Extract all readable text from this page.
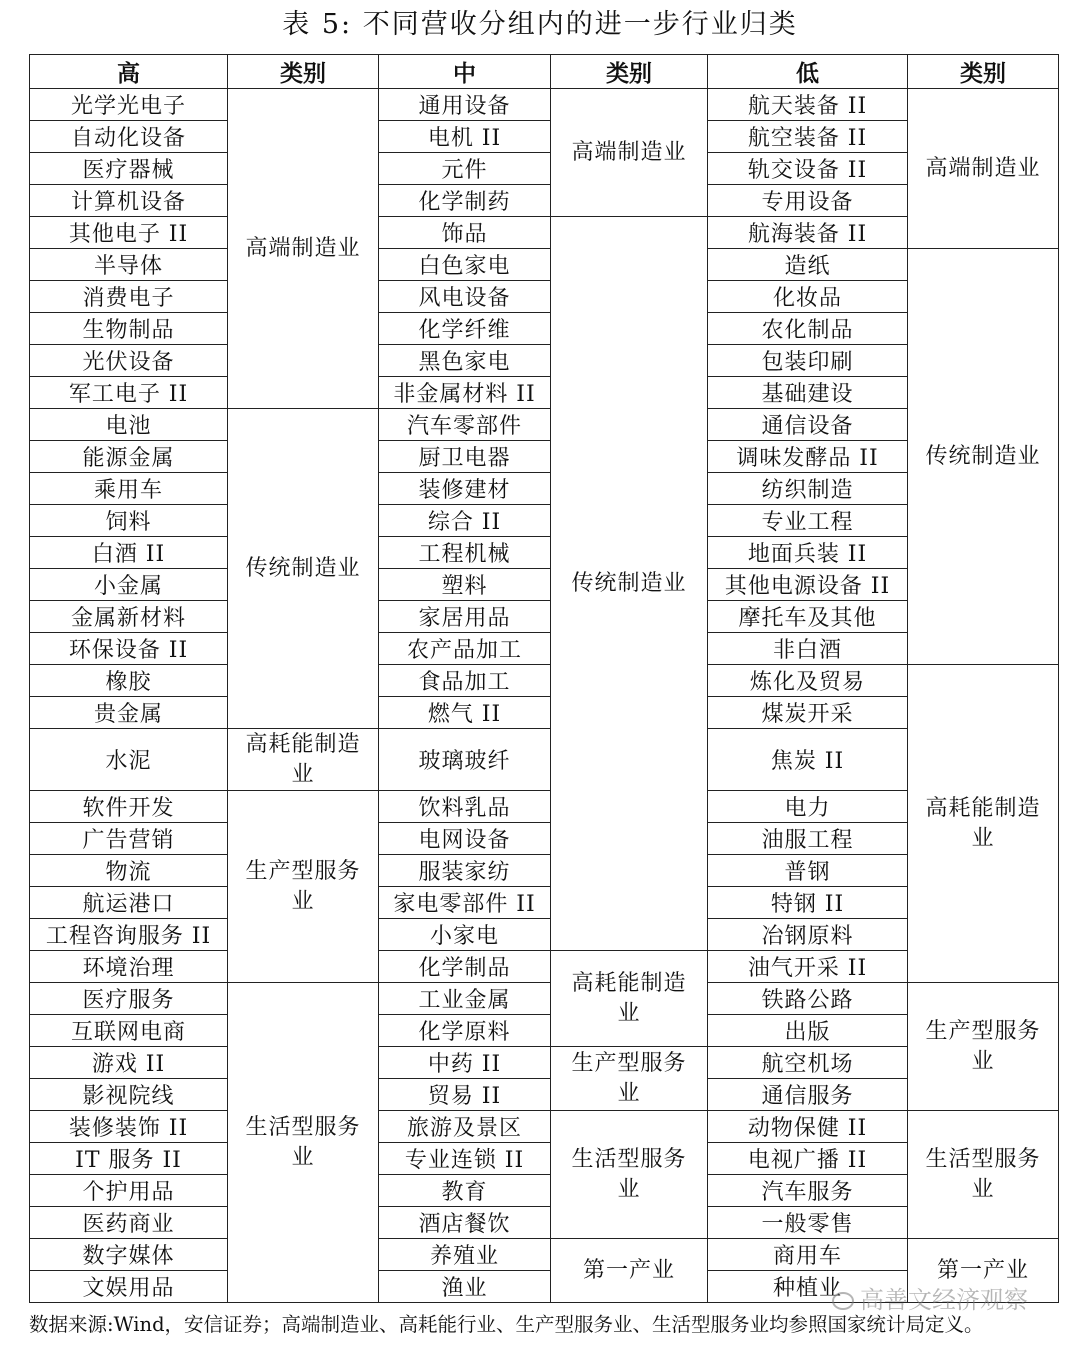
表 5: 不同营收分组内的进一步行业归类
高	类别	中	类别	低	类别
光学光电子	高端制造业	通用设备	高端制造业	航天装备 II	高端制造业
自动化设备		电机 II		航空装备 II	
医疗器械		元件		轨交设备 II	
计算机设备		化学制药		专用设备	
其他电子 II		饰品	传统制造业	航海装备 II	
半导体		白色家电		造纸	传统制造业
消费电子		风电设备		化妆品	
生物制品		化学纤维		农化制品	
光伏设备		黑色家电		包装印刷	
军工电子 II		非金属材料 II		基础建设	
电池	传统制造业	汽车零部件		通信设备	
能源金属		厨卫电器		调味发酵品 II	
乘用车		装修建材		纺织制造	
饲料		综合 II		专业工程	
白酒 II		工程机械		地面兵装 II	
小金属		塑料		其他电源设备 II	
金属新材料		家居用品		摩托车及其他	
环保设备 II		农产品加工		非白酒	
橡胶		食品加工		炼化及贸易	高耗能制造业
贵金属		燃气 II		煤炭开采	
水泥	高耗能制造业	玻璃玻纤		焦炭 II	
软件开发	生产型服务业	饮料乳品		电力	
广告营销		电网设备		油服工程	
物流		服装家纺		普钢	
航运港口		家电零部件 II		特钢 II	
工程咨询服务 II		小家电		冶钢原料	
环境治理		化学制品	高耗能制造业	油气开采 II	
医疗服务	生活型服务业	工业金属		铁路公路	生产型服务业
互联网电商		化学原料		出版	
游戏 II		中药 II	生产型服务业	航空机场	
影视院线		贸易 II		通信服务	
装修装饰 II		旅游及景区	生活型服务业	动物保健 II	生活型服务业
IT 服务 II		专业连锁 II		电视广播 II	
个护用品		教育		汽车服务	
医药商业		酒店餐饮		一般零售	
数字媒体		养殖业	第一产业	商用车	第一产业
文娱用品		渔业		种植业	
数据来源:Wind，安信证券；高端制造业、高耗能行业、生产型服务业、生活型服务业均参照国家统计局定义。
高善文经济观察
